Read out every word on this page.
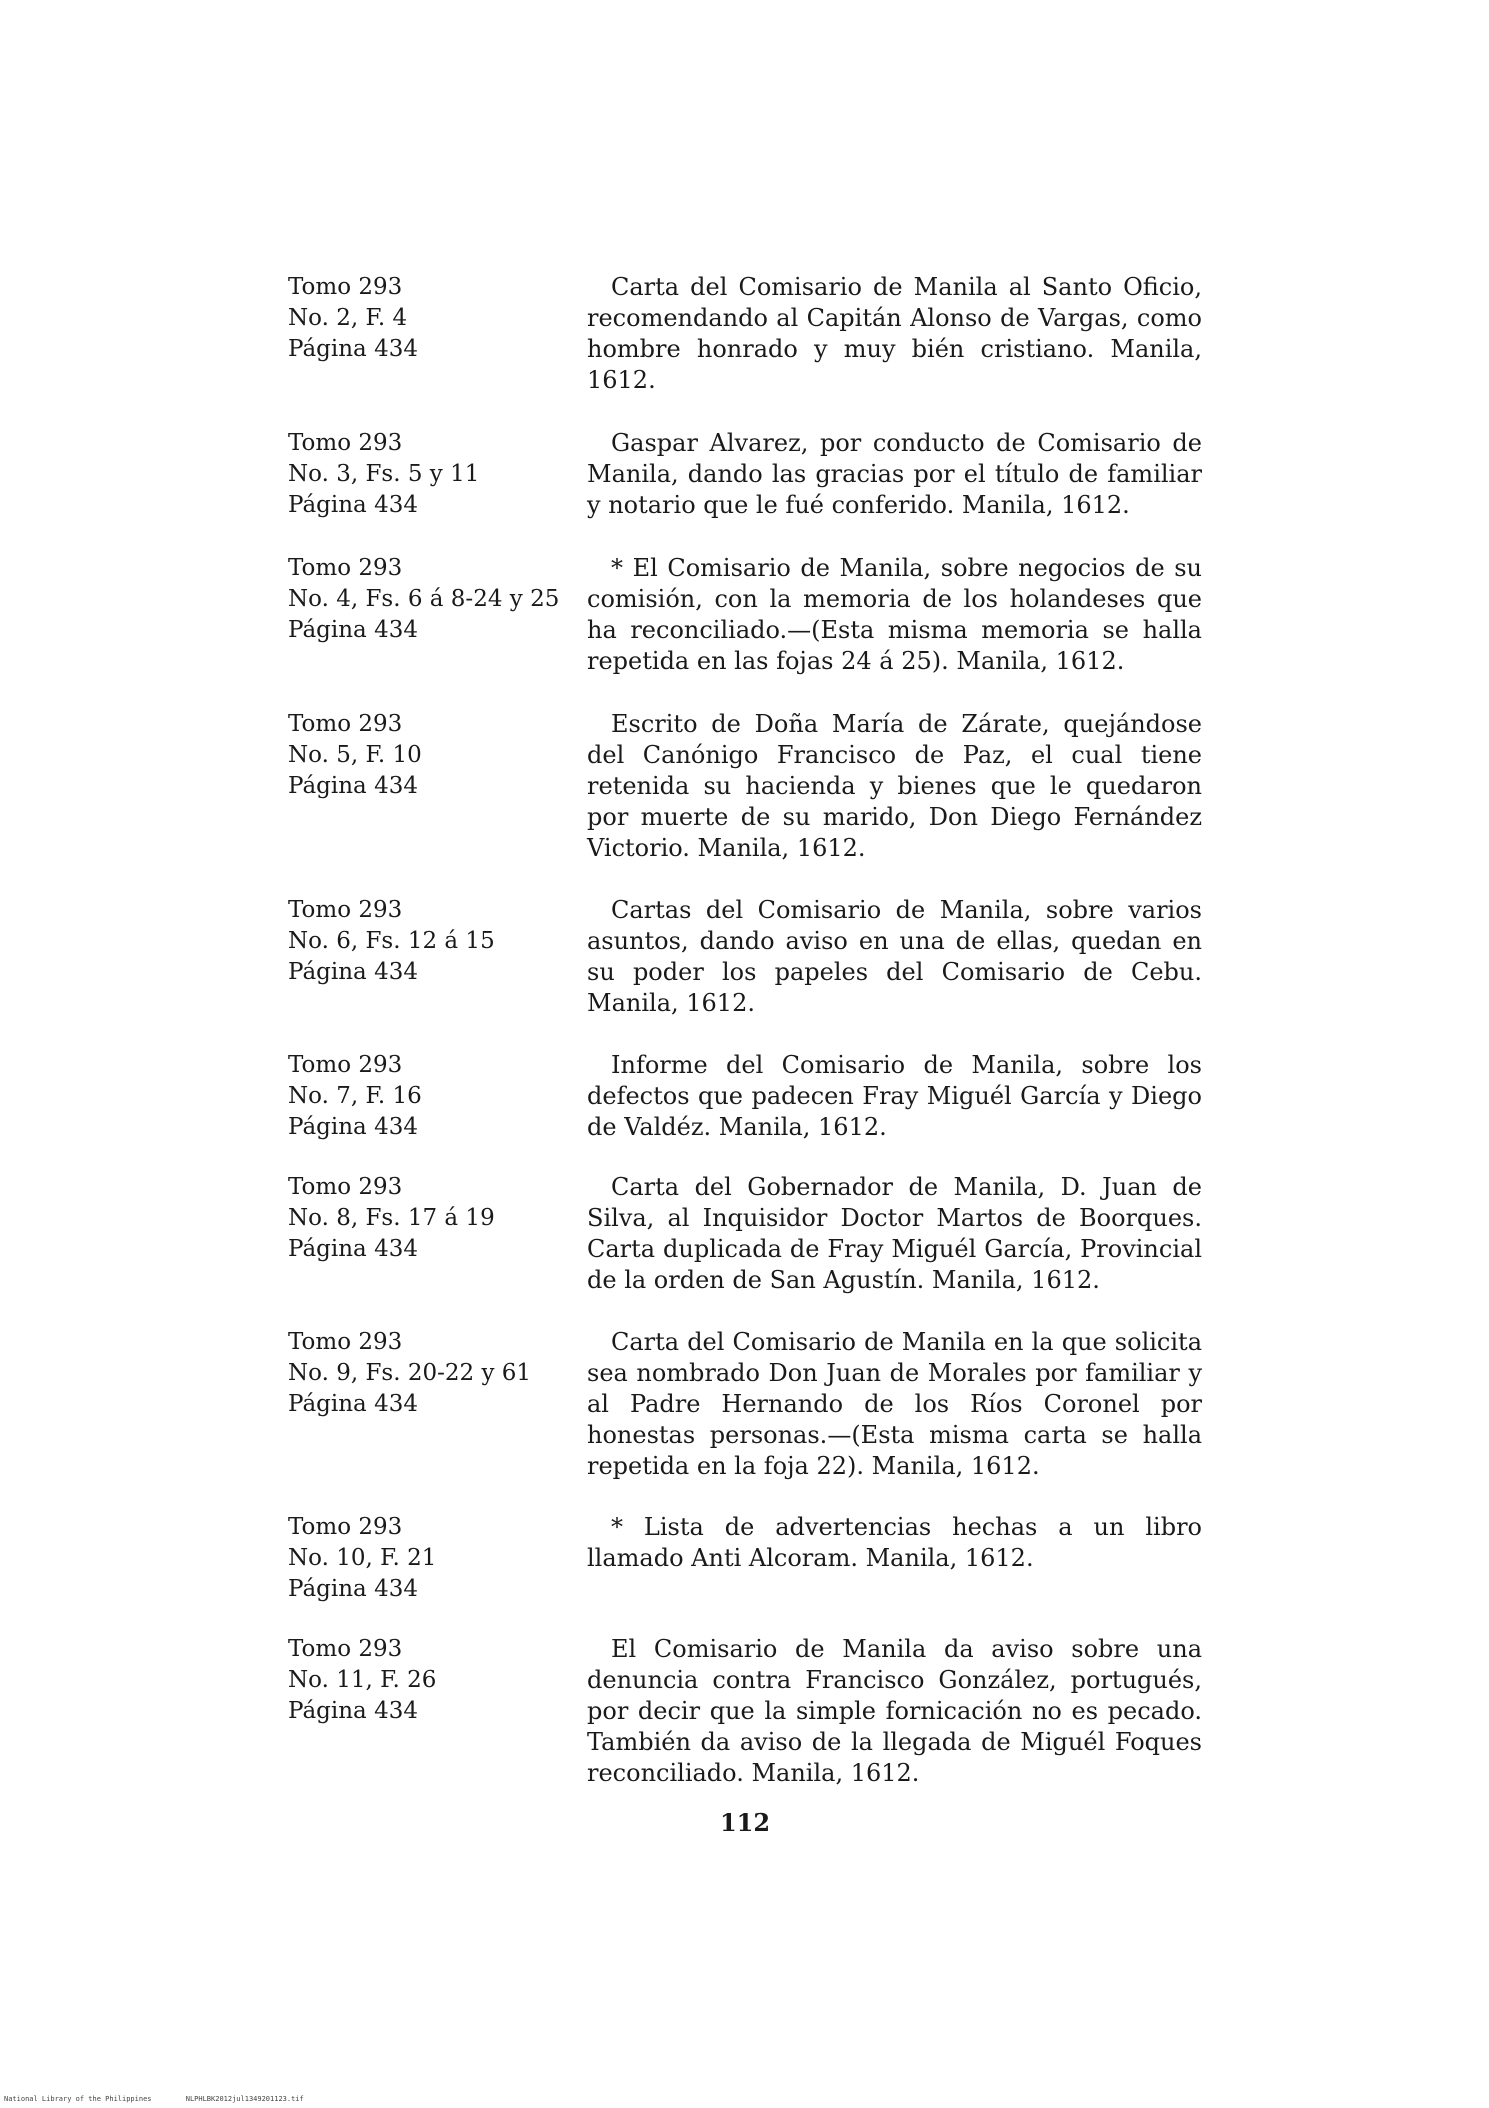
Tomo 293
No. 2, F. 4
Página 434

Carta del Comisario de Manila al Santo Oficio, recomendando al Capitán Alonso de Vargas, como hombre honrado y muy bién cristiano. Manila, 1612.

Tomo 293
No. 3, Fs. 5 y 11
Página 434

Gaspar Alvarez, por conducto de Comisario de Manila, dando las gracias por el título de familiar y notario que le fué conferido. Manila, 1612.

Tomo 293
No. 4, Fs. 6 á 8-24 y 25
Página 434

* El Comisario de Manila, sobre negocios de su comisión, con la memoria de los holandeses que ha reconciliado.—(Esta misma memoria se halla repetida en las fojas 24 á 25). Manila, 1612.

Tomo 293
No. 5, F. 10
Página 434

Escrito de Doña María de Zárate, quejándose del Canónigo Francisco de Paz, el cual tiene retenida su hacienda y bienes que le quedaron por muerte de su marido, Don Diego Fernández Victorio. Manila, 1612.

Tomo 293
No. 6, Fs. 12 á 15
Página 434

Cartas del Comisario de Manila, sobre varios asuntos, dando aviso en una de ellas, quedan en su poder los papeles del Comisario de Cebu. Manila, 1612.

Tomo 293
No. 7, F. 16
Página 434

Informe del Comisario de Manila, sobre los defectos que padecen Fray Miguél García y Diego de Valdéz. Manila, 1612.

Tomo 293
No. 8, Fs. 17 á 19
Página 434

Carta del Gobernador de Manila, D. Juan de Silva, al Inquisidor Doctor Martos de Boorques. Carta duplicada de Fray Miguél García, Provincial de la orden de San Agustín. Manila, 1612.

Tomo 293
No. 9, Fs. 20-22 y 61
Página 434

Carta del Comisario de Manila en la que solicita sea nombrado Don Juan de Morales por familiar y al Padre Hernando de los Ríos Coronel por honestas personas.—(Esta misma carta se halla repetida en la foja 22). Manila, 1612.

Tomo 293
No. 10, F. 21
Página 434

* Lista de advertencias hechas a un libro llamado Anti Alcoram. Manila, 1612.

Tomo 293
No. 11, F. 26
Página 434

El Comisario de Manila da aviso sobre una denuncia contra Francisco González, portugués, por decir que la simple fornicación no es pecado. También da aviso de la llegada de Miguél Foques reconciliado. Manila, 1612.

112
National Library of the Philippines	NLPHLBK2012jul1349201123.tif
